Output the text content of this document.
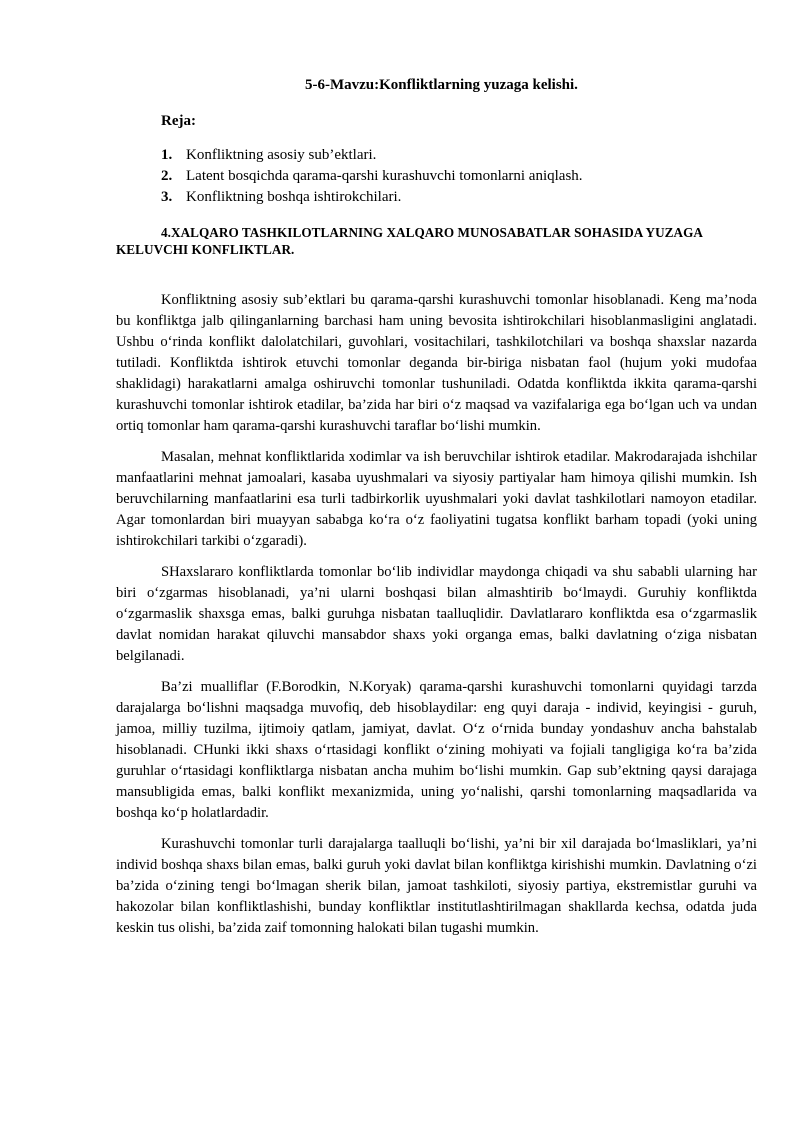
5-6-Mavzu:Konfliktlarning yuzaga kelishi.

Reja:

1. Konfliktning asosiy sub’ektlari.
2. Latent bosqichda qarama-qarshi kurashuvchi tomonlarni aniqlash.
3. Konfliktning boshqa ishtirokchilari.
4.XALQARO TASHKILOTLARNING XALQARO MUNOSABATLAR SOHASIDA YUZAGA KELUVCHI KONFLIKTLAR.

Konfliktning asosiy sub’ektlari bu qarama-qarshi kurashuvchi tomonlar hisoblanadi. Keng ma’noda bu konfliktga jalb qilinganlarning barchasi ham uning bevosita ishtirokchilari hisoblanmasligini anglatadi. Ushbu o‘rinda konflikt dalolatchilari, guvohlari, vositachilari, tashkilotchilari va boshqa shaxslar nazarda tutiladi. Konfliktda ishtirok etuvchi tomonlar deganda bir-biriga nisbatan faol (hujum yoki mudofaa shaklidagi) harakatlarni amalga oshiruvchi tomonlar tushuniladi. Odatda konfliktda ikkita qarama-qarshi kurashuvchi tomonlar ishtirok etadilar, ba’zida har biri o‘z maqsad va vazifalariga ega bo‘lgan uch va undan ortiq tomonlar ham qarama-qarshi kurashuvchi taraflar bo‘lishi mumkin.

Masalan, mehnat konfliktlarida xodimlar va ish beruvchilar ishtirok etadilar. Makrodarajada ishchilar manfaatlarini mehnat jamoalari, kasaba uyushmalari va siyosiy partiyalar ham himoya qilishi mumkin. Ish beruvchilarning manfaatlarini esa turli tadbirkorlik uyushmalari yoki davlat tashkilotlari namoyon etadilar. Agar tomonlardan biri muayyan sababga ko‘ra o‘z faoliyatini tugatsa konflikt barham topadi (yoki uning ishtirokchilari tarkibi o‘zgaradi).

SHaxslararo konfliktlarda tomonlar bo‘lib individlar maydonga chiqadi va shu sababli ularning har biri o‘zgarmas hisoblanadi, ya’ni ularni boshqasi bilan almashtirib bo‘lmaydi. Guruhiy konfliktda o‘zgarmaslik shaxsga emas, balki guruhga nisbatan taalluqlidir. Davlatlararo konfliktda esa o‘zgarmaslik davlat nomidan harakat qiluvchi mansabdor shaxs yoki organga emas, balki davlatning o‘ziga nisbatan belgilanadi.

Ba’zi mualliflar (F.Borodkin, N.Koryak) qarama-qarshi kurashuvchi tomonlarni quyidagi tarzda darajalarga bo‘lishni maqsadga muvofiq, deb hisoblaydilar: eng quyi daraja - individ, keyingisi - guruh, jamoa, milliy tuzilma, ijtimoiy qatlam, jamiyat, davlat. O‘z o‘rnida bunday yondashuv ancha bahstalab hisoblanadi. CHunki ikki shaxs o‘rtasidagi konflikt o‘zining mohiyati va fojiali tangligiga ko‘ra ba’zida guruhlar o‘rtasidagi konfliktlarga nisbatan ancha muhim bo‘lishi mumkin. Gap sub’ektning qaysi darajaga mansubligida emas, balki konflikt mexanizmida, uning yo‘nalishi, qarshi tomonlarning maqsadlarida va boshqa ko‘p holatlardadir.

Kurashuvchi tomonlar turli darajalarga taalluqli bo‘lishi, ya’ni bir xil darajada bo‘lmasliklari, ya’ni individ boshqa shaxs bilan emas, balki guruh yoki davlat bilan konfliktga kirishishi mumkin. Davlatning o‘zi ba’zida o‘zining tengi bo‘lmagan sherik bilan, jamoat tashkiloti, siyosiy partiya, ekstremistlar guruhi va hakozolar bilan konfliktlashishi, bunday konfliktlar institutlashtirilmagan shakllarda kechsa, odatda juda keskin tus olishi, ba’zida zaif tomonning halokati bilan tugashi mumkin.
